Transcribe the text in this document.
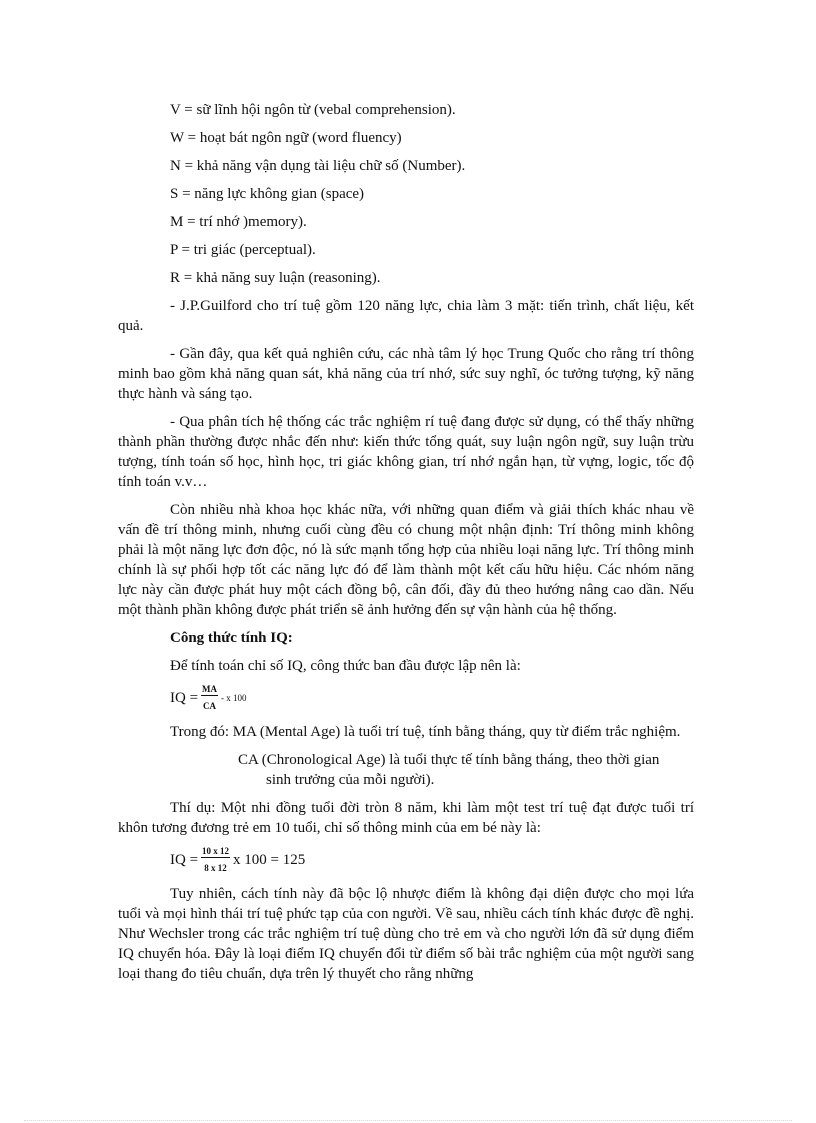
V = sữ lĩnh hội ngôn từ (vebal comprehension).

W = hoạt bát ngôn ngữ (word fluency)

N = khả năng vận dụng tài liệu chữ số (Number).

S = năng lực không gian (space)

M = trí nhớ )memory).

P = tri giác (perceptual).

R = khả năng suy luận (reasoning).

- J.P.Guilford cho trí tuệ gồm 120 năng lực, chia làm 3 mặt: tiến trình, chất liệu, kết quả.

- Gần đây, qua kết quả nghiên cứu, các nhà tâm lý học Trung Quốc cho rằng trí thông minh bao gồm khả năng quan sát, khả năng của trí nhớ, sức suy nghĩ, óc tưởng tượng, kỹ năng thực hành và sáng tạo.

- Qua phân tích hệ thống các trắc nghiệm rí tuệ đang được sử dụng, có thể thấy những thành phần thường được nhắc đến như: kiến thức tổng quát, suy luận ngôn ngữ, suy luận trừu tượng, tính toán số học, hình học, tri giác không gian, trí nhớ ngắn hạn, từ vựng, logic, tốc độ tính toán v.v…

Còn nhiều nhà khoa học khác nữa, với những quan điểm và giải thích khác nhau về vấn đề trí thông minh, nhưng cuối cùng đều có chung một nhận định: Trí thông minh không phải là một năng lực đơn độc, nó là sức mạnh tổng hợp của nhiều loại năng lực. Trí thông minh chính là sự phối hợp tốt các năng lực đó để làm thành một kết cấu hữu hiệu. Các nhóm năng lực này cần được phát huy một cách đồng bộ, cân đối, đầy đủ theo hướng nâng cao dần. Nếu một thành phần không được phát triển sẽ ảnh hưởng đến sự vận hành của hệ thống.

Công thức tính IQ:

Để tính toán chỉ số IQ, công thức ban đầu được lập nên là:

IQ = $\frac{MA}{CA}$ - x 100

Trong đó: MA (Mental Age) là tuổi trí tuệ, tính bằng tháng, quy từ điểm trắc nghiệm.

CA (Chronological Age) là tuổi thực tế tính bằng tháng, theo thời gian
sinh trưởng của mỗi người).

Thí dụ: Một nhi đồng tuổi đời tròn 8 năm, khi làm một test trí tuệ đạt được tuổi trí khôn tương đương trẻ em 10 tuổi, chỉ số thông minh của em bé này là:

IQ = $\frac{10 x 12}{8 x 12}$ x 100 = 125

Tuy nhiên, cách tính này đã bộc lộ nhược điểm là không đại diện được cho mọi lứa tuổi và mọi hình thái trí tuệ phức tạp của con người. Về sau, nhiều cách tính khác được đề nghị. Như Wechsler trong các trắc nghiệm trí tuệ dùng cho trẻ em và cho người lớn đã sử dụng điểm IQ chuyển hóa. Đây là loại điểm IQ chuyển đổi từ điểm số bài trắc nghiệm của một người sang loại thang đo tiêu chuẩn, dựa trên lý thuyết cho rằng những
